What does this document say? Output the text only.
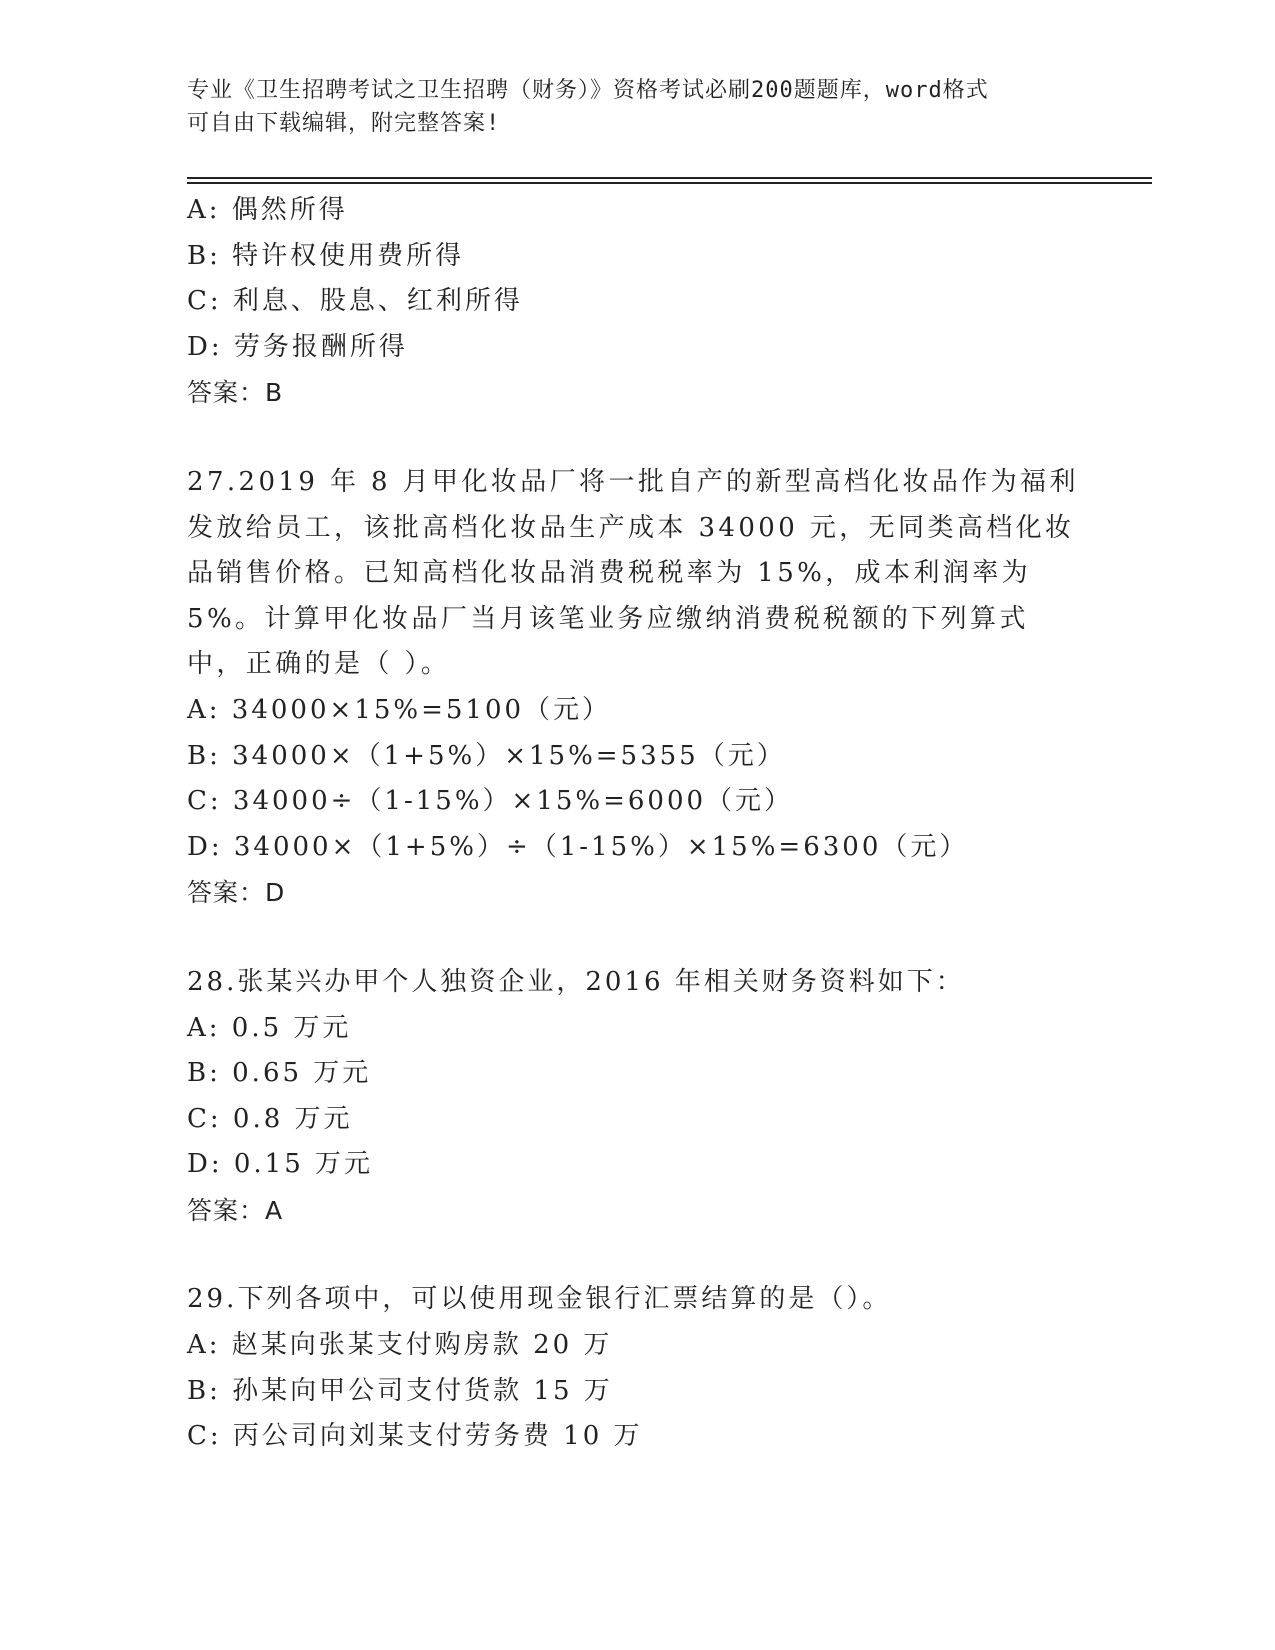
专业《卫生招聘考试之卫生招聘（财务）》资格考试必刷200题题库，word格式
可自由下载编辑，附完整答案!
A: 偶然所得
B: 特许权使用费所得
C: 利息、股息、红利所得
D: 劳务报酬所得
答案：B
27.2019 年 8 月甲化妆品厂将一批自产的新型高档化妆品作为福利发放给员工，该批高档化妆品生产成本 34000 元，无同类高档化妆品销售价格。已知高档化妆品消费税税率为 15%，成本利润率为 5%。计算甲化妆品厂当月该笔业务应缴纳消费税税额的下列算式中，正确的是（ ）。
A: 34000×15%=5100（元）
B: 34000×（1+5%）×15%=5355（元）
C: 34000÷（1-15%）×15%=6000（元）
D: 34000×（1+5%）÷（1-15%）×15%=6300（元）
答案：D
28.张某兴办甲个人独资企业，2016 年相关财务资料如下：
A: 0.5 万元
B: 0.65 万元
C: 0.8 万元
D: 0.15 万元
答案：A
29.下列各项中，可以使用现金银行汇票结算的是（）。
A: 赵某向张某支付购房款 20 万
B: 孙某向甲公司支付货款 15 万
C: 丙公司向刘某支付劳务费 10 万
